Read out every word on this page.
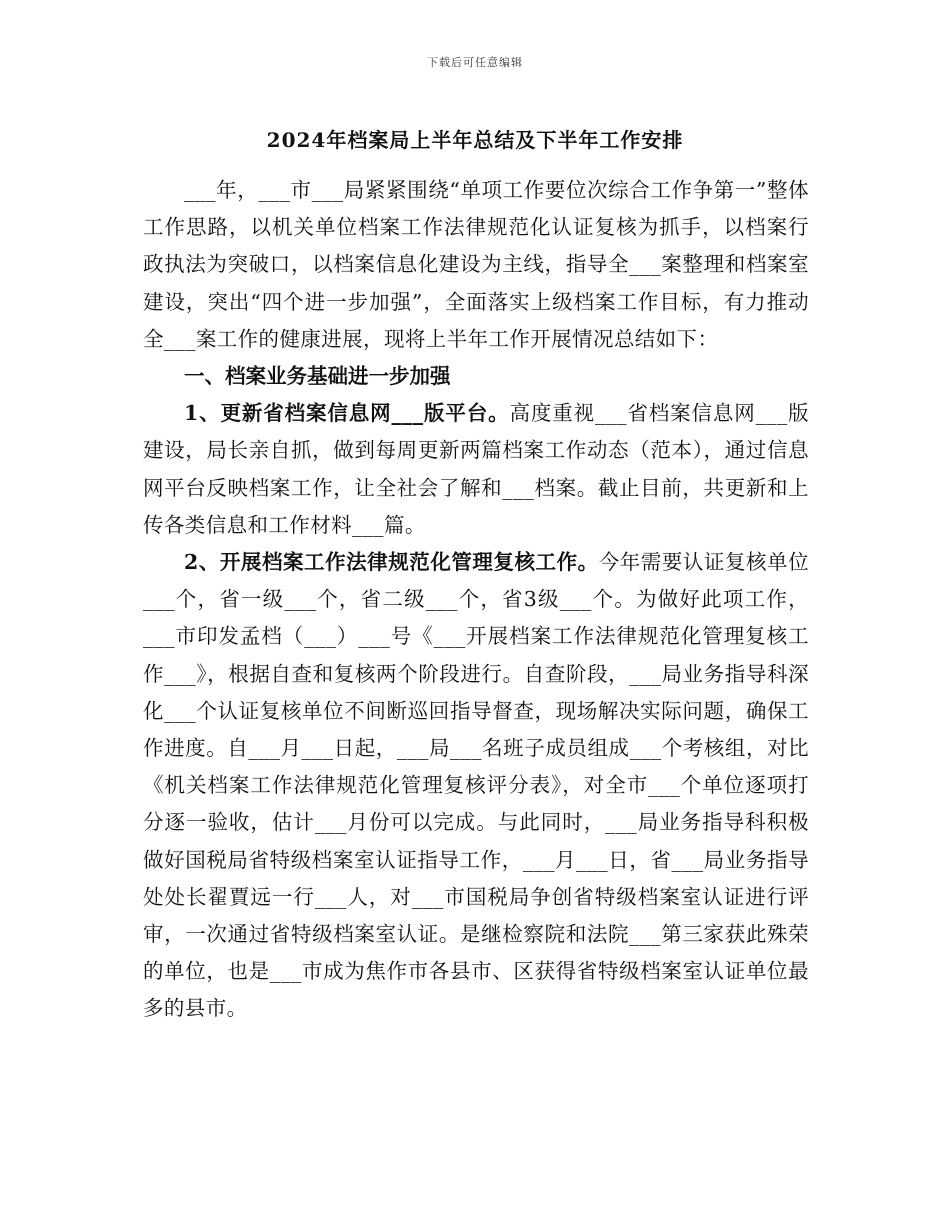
下载后可任意编辑
2024年档案局上半年总结及下半年工作安排

___年，___市___局紧紧围绕“单项工作要位次综合工作争第一”整体工作思路，以机关单位档案工作法律规范化认证复核为抓手，以档案行政执法为突破口，以档案信息化建设为主线，指导全___案整理和档案室建设，突出“四个进一步加强”，全面落实上级档案工作目标，有力推动全___案工作的健康进展，现将上半年工作开展情况总结如下：

一、档案业务基础进一步加强

1、更新省档案信息网___版平台。高度重视___省档案信息网___版建设，局长亲自抓，做到每周更新两篇档案工作动态（范本），通过信息网平台反映档案工作，让全社会了解和___档案。截止目前，共更新和上传各类信息和工作材料___篇。

2、开展档案工作法律规范化管理复核工作。今年需要认证复核单位___个，省一级___个，省二级___个，省3级___个。为做好此项工作，___市印发孟档（___）___号《___开展档案工作法律规范化管理复核工作___》，根据自查和复核两个阶段进行。自查阶段，___局业务指导科深化___个认证复核单位不间断巡回指导督查，现场解决实际问题，确保工作进度。自___月___日起，___局___名班子成员组成___个考核组，对比《机关档案工作法律规范化管理复核评分表》，对全市___个单位逐项打分逐一验收，估计___月份可以完成。与此同时，___局业务指导科积极做好国税局省特级档案室认证指导工作，___月___日，省___局业务指导处处长翟賈远一行___人，对___市国税局争创省特级档案室认证进行评审，一次通过省特级档案室认证。是继检察院和法院___第三家获此殊荣的单位，也是___市成为焦作市各县市、区获得省特级档案室认证单位最多的县市。
